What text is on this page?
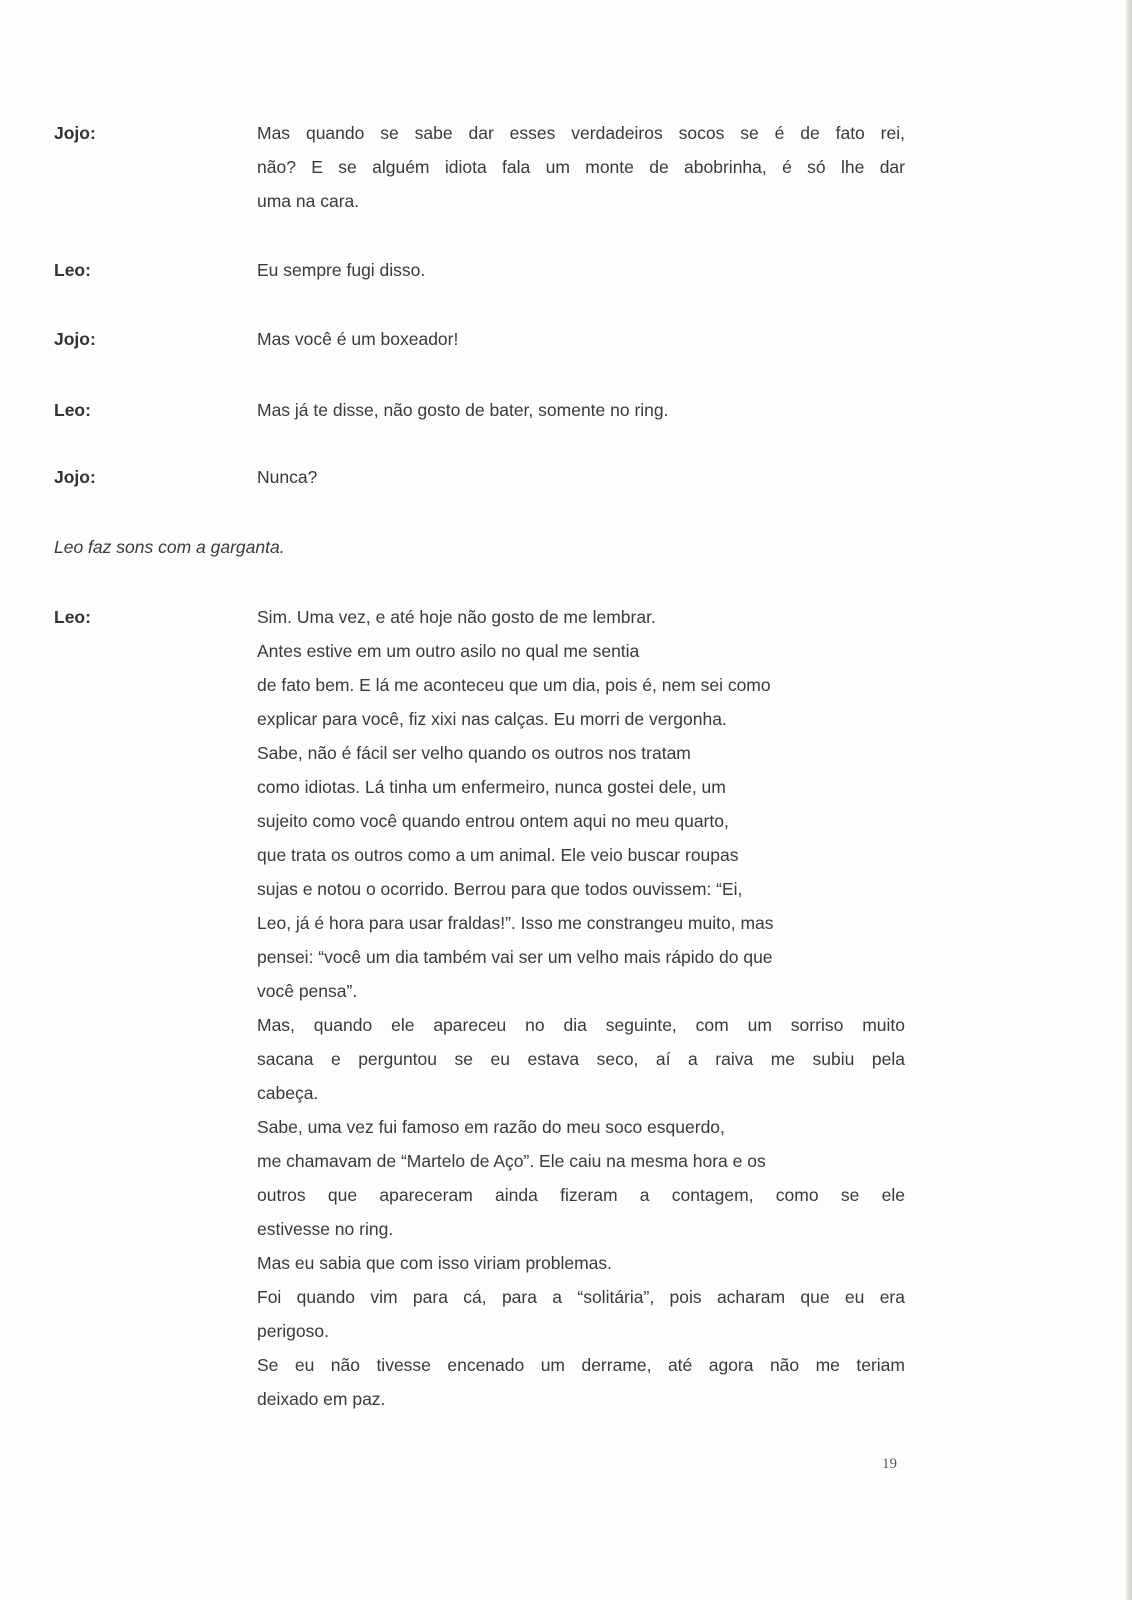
Jojo:	Mas quando se sabe dar esses verdadeiros socos se é de fato rei,
não? E se alguém idiota fala um monte de abobrinha, é só lhe dar
uma na cara.
Leo:	Eu sempre fugi disso.
Jojo:	Mas você é um boxeador!
Leo:	Mas já te disse, não gosto de bater, somente no ring.
Jojo:	Nunca?
Leo faz sons com a garganta.
Leo:	Sim. Uma vez, e até hoje não gosto de me lembrar.
Antes estive em um outro asilo no qual me sentia
de fato bem. E lá me aconteceu que um dia, pois é, nem sei como
explicar para você, fiz xixi nas calças. Eu morri de vergonha.
Sabe, não é fácil ser velho quando os outros nos tratam
como idiotas. Lá tinha um enfermeiro, nunca gostei dele, um
sujeito como você quando entrou ontem aqui no meu quarto,
que trata os outros como a um animal. Ele veio buscar roupas
sujas e notou o ocorrido. Berrou para que todos ouvissem: “Ei,
Leo, já é hora para usar fraldas!”. Isso me constrangeu muito, mas
pensei: “você um dia também vai ser um velho mais rápido do que
você pensa”.
Mas, quando ele apareceu no dia seguinte, com um sorriso muito
sacana e perguntou se eu estava seco, aí a raiva me subiu pela
cabeça.
Sabe, uma vez fui famoso em razão do meu soco esquerdo,
me chamavam de “Martelo de Aço”. Ele caiu na mesma hora e os
outros que apareceram ainda fizeram a contagem, como se ele
estivesse no ring.
Mas eu sabia que com isso viriam problemas.
Foi quando vim para cá, para a “solitária”, pois acharam que eu era
perigoso.
Se eu não tivesse encenado um derrame, até agora não me teriam
deixado em paz.
19
